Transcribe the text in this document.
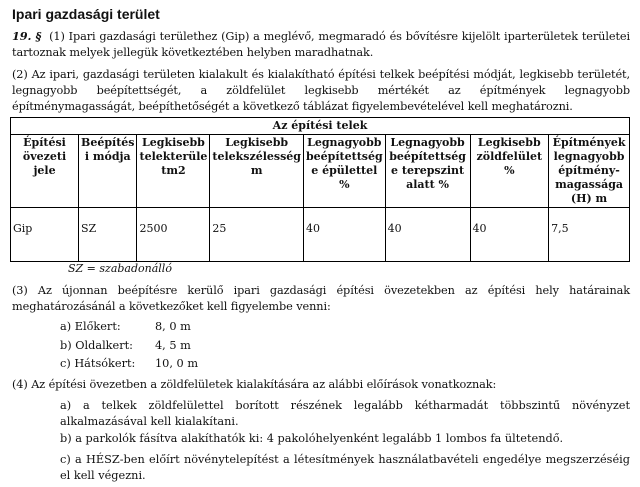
Ipari gazdasági terület
19. § (1) Ipari gazdasági területhez (Gip) a meglévő, megmaradó és bővítésre kijelölt iparterületek területei tartoznak melyek jellegük következtében helyben maradhatnak.
(2) Az ipari, gazdasági területen kialakult és kialakítható építési telkek beépítési módját, legkisebb területét, legnagyobb beépítettségét, a zöldfelület legkisebb mértékét az építmények legnagyobb építménymagasságát, beépíthetőségét a következő táblázat figyelembevételével kell meghatározni.
Az építési telek							
Építési övezeti jele	Beépítés i módja	Legkisebb telekterüle tm2	Legkisebb telekszélesség m	Legnagyobb beépítettség e épülettel %	Legnagyobb beépítettség e terepszint alatt %	Legkisebb zöldfelület %	Építmények legnagyobb építmény-magassága (H) m
Gip	SZ	2500	25	40	40	40	7,5
SZ = szabadonálló
(3) Az újonnan beépítésre kerülő ipari gazdasági építési övezetekben az építési hely határainak meghatározásánál a következőket kell figyelembe venni:
a) Előkert:	8, 0 m
b) Oldalkert: 4, 5 m
c) Hátsókert: 10, 0 m
(4) Az építési övezetben a zöldfelületek kialakítására az alábbi előírások vonatkoznak:
a) a telkek zöldfelülettel borított részének legalább kétharmadát többszintű növényzet alkalmazásával kell kialakítani.
b) a parkolók fásítva alakíthatók ki: 4 pakolóhelyenként legalább 1 lombos fa ültetendő.
c) a HÉSZ-ben előírt növénytelepítést a létesítmények használatbavételi engedélye megszerzéséig el kell végezni.
